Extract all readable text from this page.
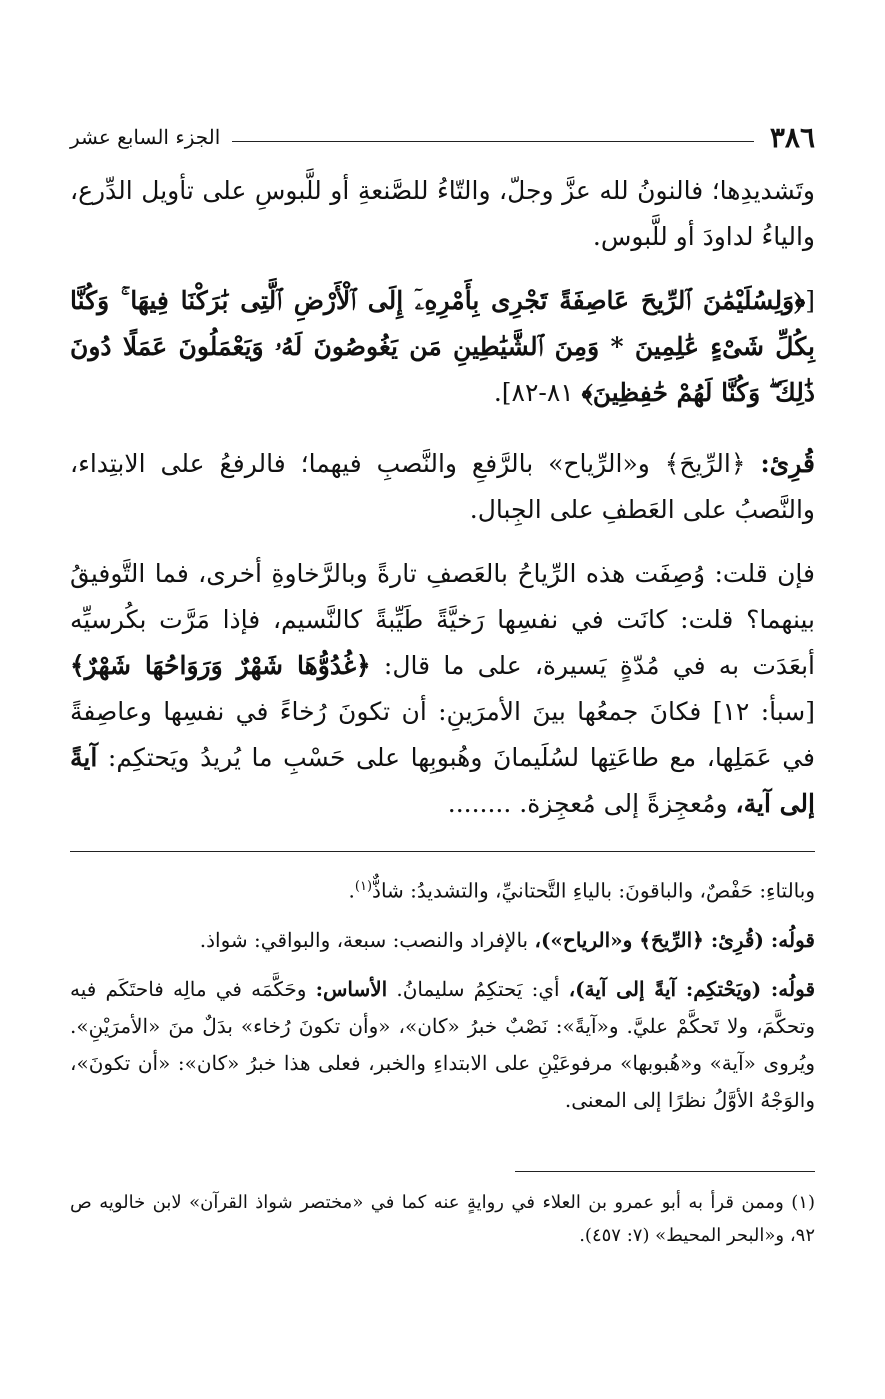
٣٨٦
الجزء السابع عشر

وتَشديدِها؛ فالنونُ لله عزَّ وجلّ، والتّاءُ للصَّنعةِ أو للَّبوسِ على تأويل الدِّرع، والياءُ لداودَ أو للَّبوس.

[﴿وَلِسُلَيْمَٰنَ ٱلرِّيحَ عَاصِفَةً تَجْرِى بِأَمْرِهِۦٓ إِلَى ٱلْأَرْضِ ٱلَّتِى بَٰرَكْنَا فِيهَا ۚ وَكُنَّا بِكُلِّ شَىْءٍ عَٰلِمِينَ * وَمِنَ ٱلشَّيَٰطِينِ مَن يَغُوصُونَ لَهُۥ وَيَعْمَلُونَ عَمَلًا دُونَ ذَٰلِكَ ۖ وَكُنَّا لَهُمْ حَٰفِظِينَ﴾ ٨١-٨٢].

قُرِئ: ﴿الرِّيحَ﴾ و«الرِّياح» بالرَّفعِ والنَّصبِ فيهما؛ فالرفعُ على الابتِداء، والنَّصبُ على العَطفِ على الجِبال.

فإن قلت: وُصِفَت هذه الرِّياحُ بالعَصفِ تارةً وبالرَّخاوةِ أخرى، فما التَّوفيقُ بينهما؟ قلت: كانَت في نفسِها رَخيَّةً طَيِّبةً كالنَّسيم، فإذا مَرَّت بكُرسيِّه أبعَدَت به في مُدّةٍ يَسيرة، على ما قال: ﴿غُدُوُّهَا شَهْرٌ وَرَوَاحُهَا شَهْرٌ﴾ [سبأ: ١٢] فكانَ جمعُها بينَ الأمرَينِ: أن تكونَ رُخاءً في نفسِها وعاصِفةً في عَمَلِها، مع طاعَتِها لسُلَيمانَ وهُبوبِها على حَسْبِ ما يُريدُ ويَحتكِم: آيةً إلى آية، ومُعجِزةً إلى مُعجِزة. ........

وبالتاءِ: حَفْصٌ، والباقونَ: بالياءِ التَّحتانيِّ، والتشديدُ: شاذٌّ$^{(١)}$.

قولُه: (قُرِئ: ﴿الرِّيحَ﴾ و«الرياح»)، بالإفراد والنصب: سبعة، والبواقي: شواذ.

قولُه: (ويَحْتكِم: آيةً إلى آية)، أي: يَحتكِمُ سليمانُ. الأساس: وحَكَّمَه في مالِه فاحتَكَم فيه وتحكَّمَ، ولا تَحكَّمْ عليَّ. و«آيةً»: نَصْبٌ خبرُ «كان»، «وأن تكونَ رُخاء» بدَلٌ منَ «الأمرَيْنِ». ويُروى «آية» و«هُبوبها» مرفوعَيْنِ على الابتداءِ والخبر، فعلى هذا خبرُ «كان»: «أن تكونَ»، والوَجْهُ الأوَّلُ نظرًا إلى المعنى.

(١) وممن قرأ به أبو عمرو بن العلاء في روايةٍ عنه كما في «مختصر شواذ القرآن» لابن خالويه ص ٩٢، و«البحر المحيط» (٧: ٤٥٧).
